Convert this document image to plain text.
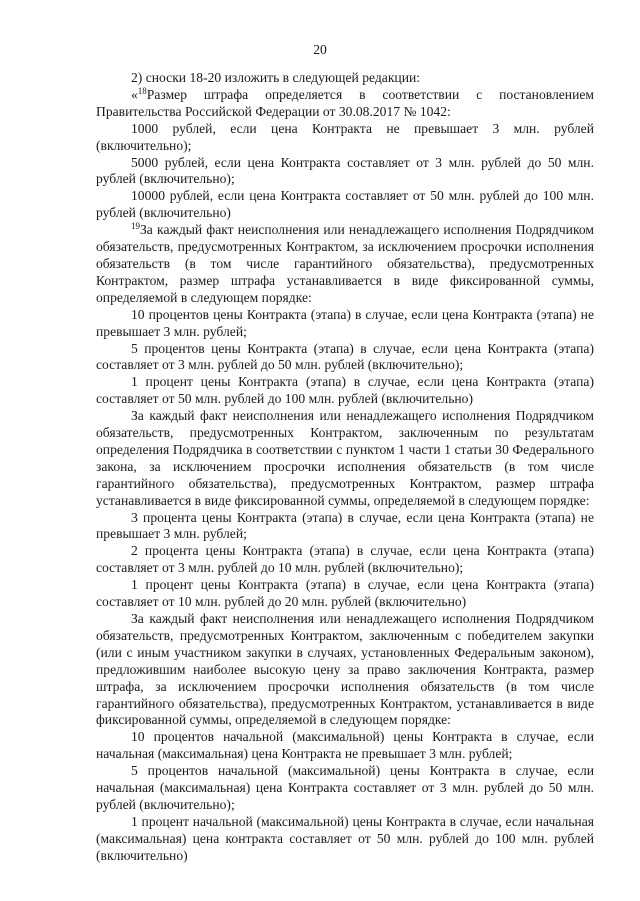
20

2) сноски 18-20 изложить в следующей редакции:

«$^{18}$Размер штрафа определяется в соответствии с постановлением Правительства Российской Федерации от 30.08.2017 № 1042:

1000 рублей, если цена Контракта не превышает 3 млн. рублей (включительно);

5000 рублей, если цена Контракта составляет от 3 млн. рублей до 50 млн. рублей (включительно);

10000 рублей, если цена Контракта составляет от 50 млн. рублей до 100 млн. рублей (включительно)

$^{19}$За каждый факт неисполнения или ненадлежащего исполнения Подрядчиком обязательств, предусмотренных Контрактом, за исключением просрочки исполнения обязательств (в том числе гарантийного обязательства), предусмотренных Контрактом, размер штрафа устанавливается в виде фиксированной суммы, определяемой в следующем порядке:

10 процентов цены Контракта (этапа) в случае, если цена Контракта (этапа) не превышает 3 млн. рублей;

5 процентов цены Контракта (этапа) в случае, если цена Контракта (этапа) составляет от 3 млн. рублей до 50 млн. рублей (включительно);

1 процент цены Контракта (этапа) в случае, если цена Контракта (этапа) составляет от 50 млн. рублей до 100 млн. рублей (включительно)

За каждый факт неисполнения или ненадлежащего исполнения Подрядчиком обязательств, предусмотренных Контрактом, заключенным по результатам определения Подрядчика в соответствии с пунктом 1 части 1 статьи 30 Федерального закона, за исключением просрочки исполнения обязательств (в том числе гарантийного обязательства), предусмотренных Контрактом, размер штрафа устанавливается в виде фиксированной суммы, определяемой в следующем порядке:

3 процента цены Контракта (этапа) в случае, если цена Контракта (этапа) не превышает 3 млн. рублей;

2 процента цены Контракта (этапа) в случае, если цена Контракта (этапа) составляет от 3 млн. рублей до 10 млн. рублей (включительно);

1 процент цены Контракта (этапа) в случае, если цена Контракта (этапа) составляет от 10 млн. рублей до 20 млн. рублей (включительно)

За каждый факт неисполнения или ненадлежащего исполнения Подрядчиком обязательств, предусмотренных Контрактом, заключенным с победителем закупки (или с иным участником закупки в случаях, установленных Федеральным законом), предложившим наиболее высокую цену за право заключения Контракта, размер штрафа, за исключением просрочки исполнения обязательств (в том числе гарантийного обязательства), предусмотренных Контрактом, устанавливается в виде фиксированной суммы, определяемой в следующем порядке:

10 процентов начальной (максимальной) цены Контракта в случае, если начальная (максимальная) цена Контракта не превышает 3 млн. рублей;

5 процентов начальной (максимальной) цены Контракта в случае, если начальная (максимальная) цена Контракта составляет от 3 млн. рублей до 50 млн. рублей (включительно);

1 процент начальной (максимальной) цены Контракта в случае, если начальная (максимальная) цена контракта составляет от 50 млн. рублей до 100 млн. рублей (включительно)
